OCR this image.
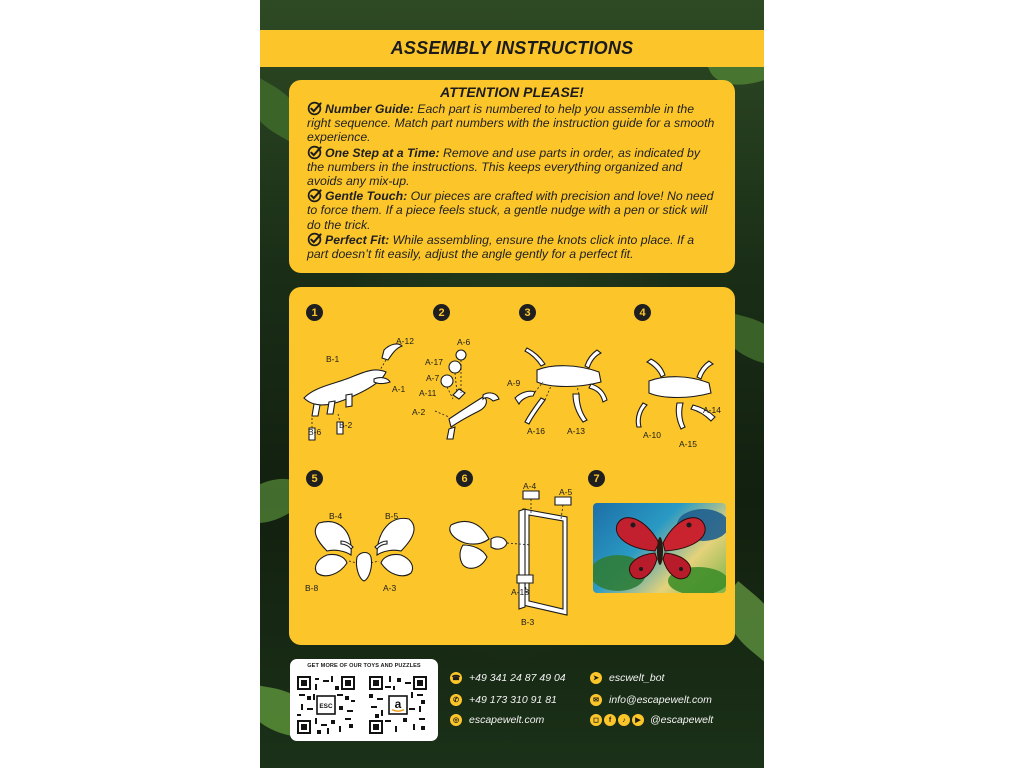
ASSEMBLY INSTRUCTIONS
ATTENTION PLEASE!

Number Guide: Each part is numbered to help you assemble in the right sequence. Match part numbers with the instruction guide for a smooth experience.

One Step at a Time: Remove and use parts in order, as indicated by the numbers in the instructions. This keeps everything organized and avoids any mix-up.

Gentle Touch: Our pieces are crafted with precision and love! No need to force them. If a piece feels stuck, a gentle nudge with a pen or stick will do the trick.

Perfect Fit: While assembling, ensure the knots click into place. If a part doesn’t fit easily, adjust the angle gently for a perfect fit.

1	2	3	4
5	6	7
A-12
B-1
A-1
B-2
B-6
A-6
A-17
A-7
A-11
A-2
A-9
A-16	A-13
A-14
A-10
A-15
B-4	B-5
B-8	A-3
A-4
A-5
A-18
B-3
GET MORE OF OUR TOYS AND PUZZLES
ESC	a
☎ +49 341 24 87 49 04
✆ +49 173 310 91 81
◎ escapewelt.com
➤ escwelt_bot
✉ info@escapewelt.com
◻	f	♪	▶ @escapewelt
